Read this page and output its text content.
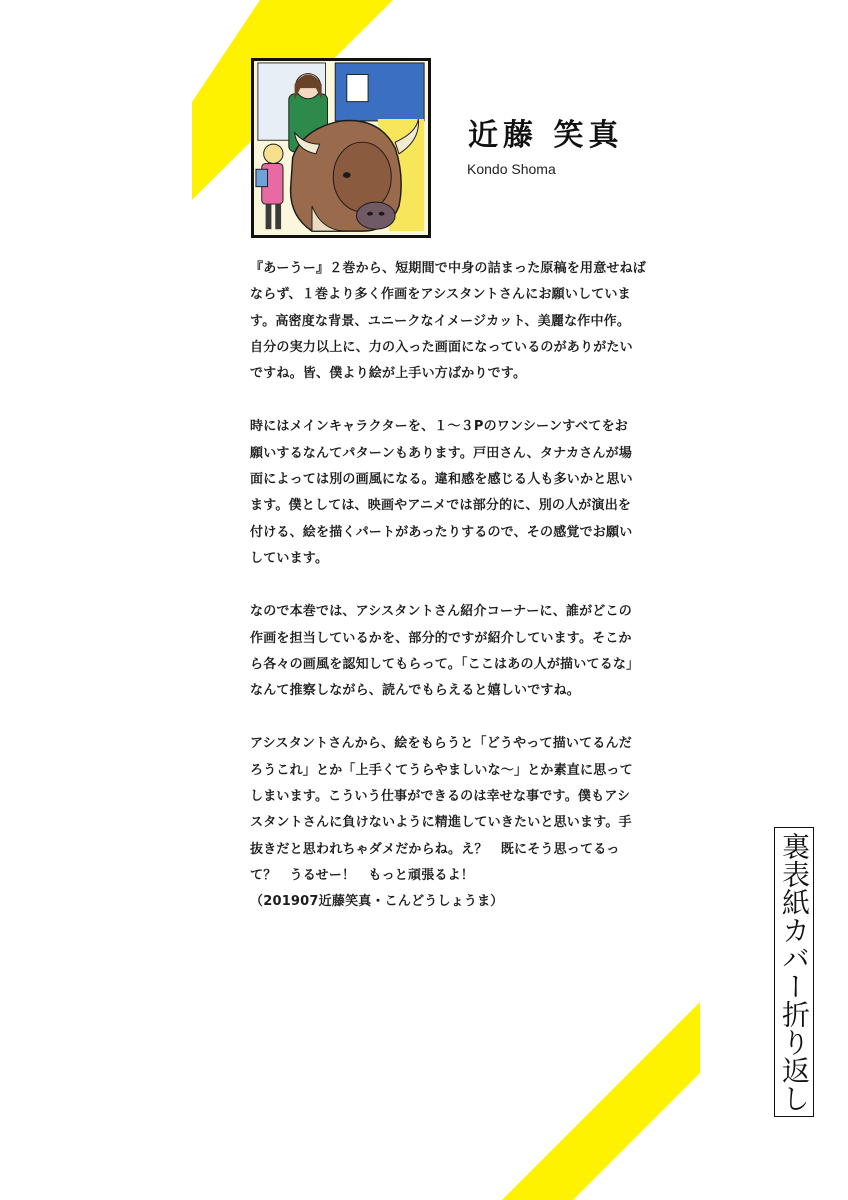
近藤 笑真
Kondo Shoma
『あーうー』２巻から、短期間で中身の詰まった原稿を用意せねば
ならず、１巻より多く作画をアシスタントさんにお願いしていま
す。高密度な背景、ユニークなイメージカット、美麗な作中作。
自分の実力以上に、力の入った画面になっているのがありがたい
ですね。皆、僕より絵が上手い方ばかりです。
時にはメインキャラクターを、１～３Pのワンシーンすべてをお
願いするなんてパターンもあります。戸田さん、タナカさんが場
面によっては別の画風になる。違和感を感じる人も多いかと思い
ます。僕としては、映画やアニメでは部分的に、別の人が演出を
付ける、絵を描くパートがあったりするので、その感覚でお願い
しています。
なので本巻では、アシスタントさん紹介コーナーに、誰がどこの
作画を担当しているかを、部分的ですが紹介しています。そこか
ら各々の画風を認知してもらって。「ここはあの人が描いてるな」
なんて推察しながら、読んでもらえると嬉しいですね。
アシスタントさんから、絵をもらうと「どうやって描いてるんだ
ろうこれ」とか「上手くてうらやましいな～」とか素直に思って
しまいます。こういう仕事ができるのは幸せな事です。僕もアシ
スタントさんに負けないように精進していきたいと思います。手
抜きだと思われちゃダメだからね。え？　既にそう思ってるっ
て？　うるせー！　もっと頑張るよ！
（201907近藤笑真・こんどうしょうま）	裏表紙カバー折り返し
